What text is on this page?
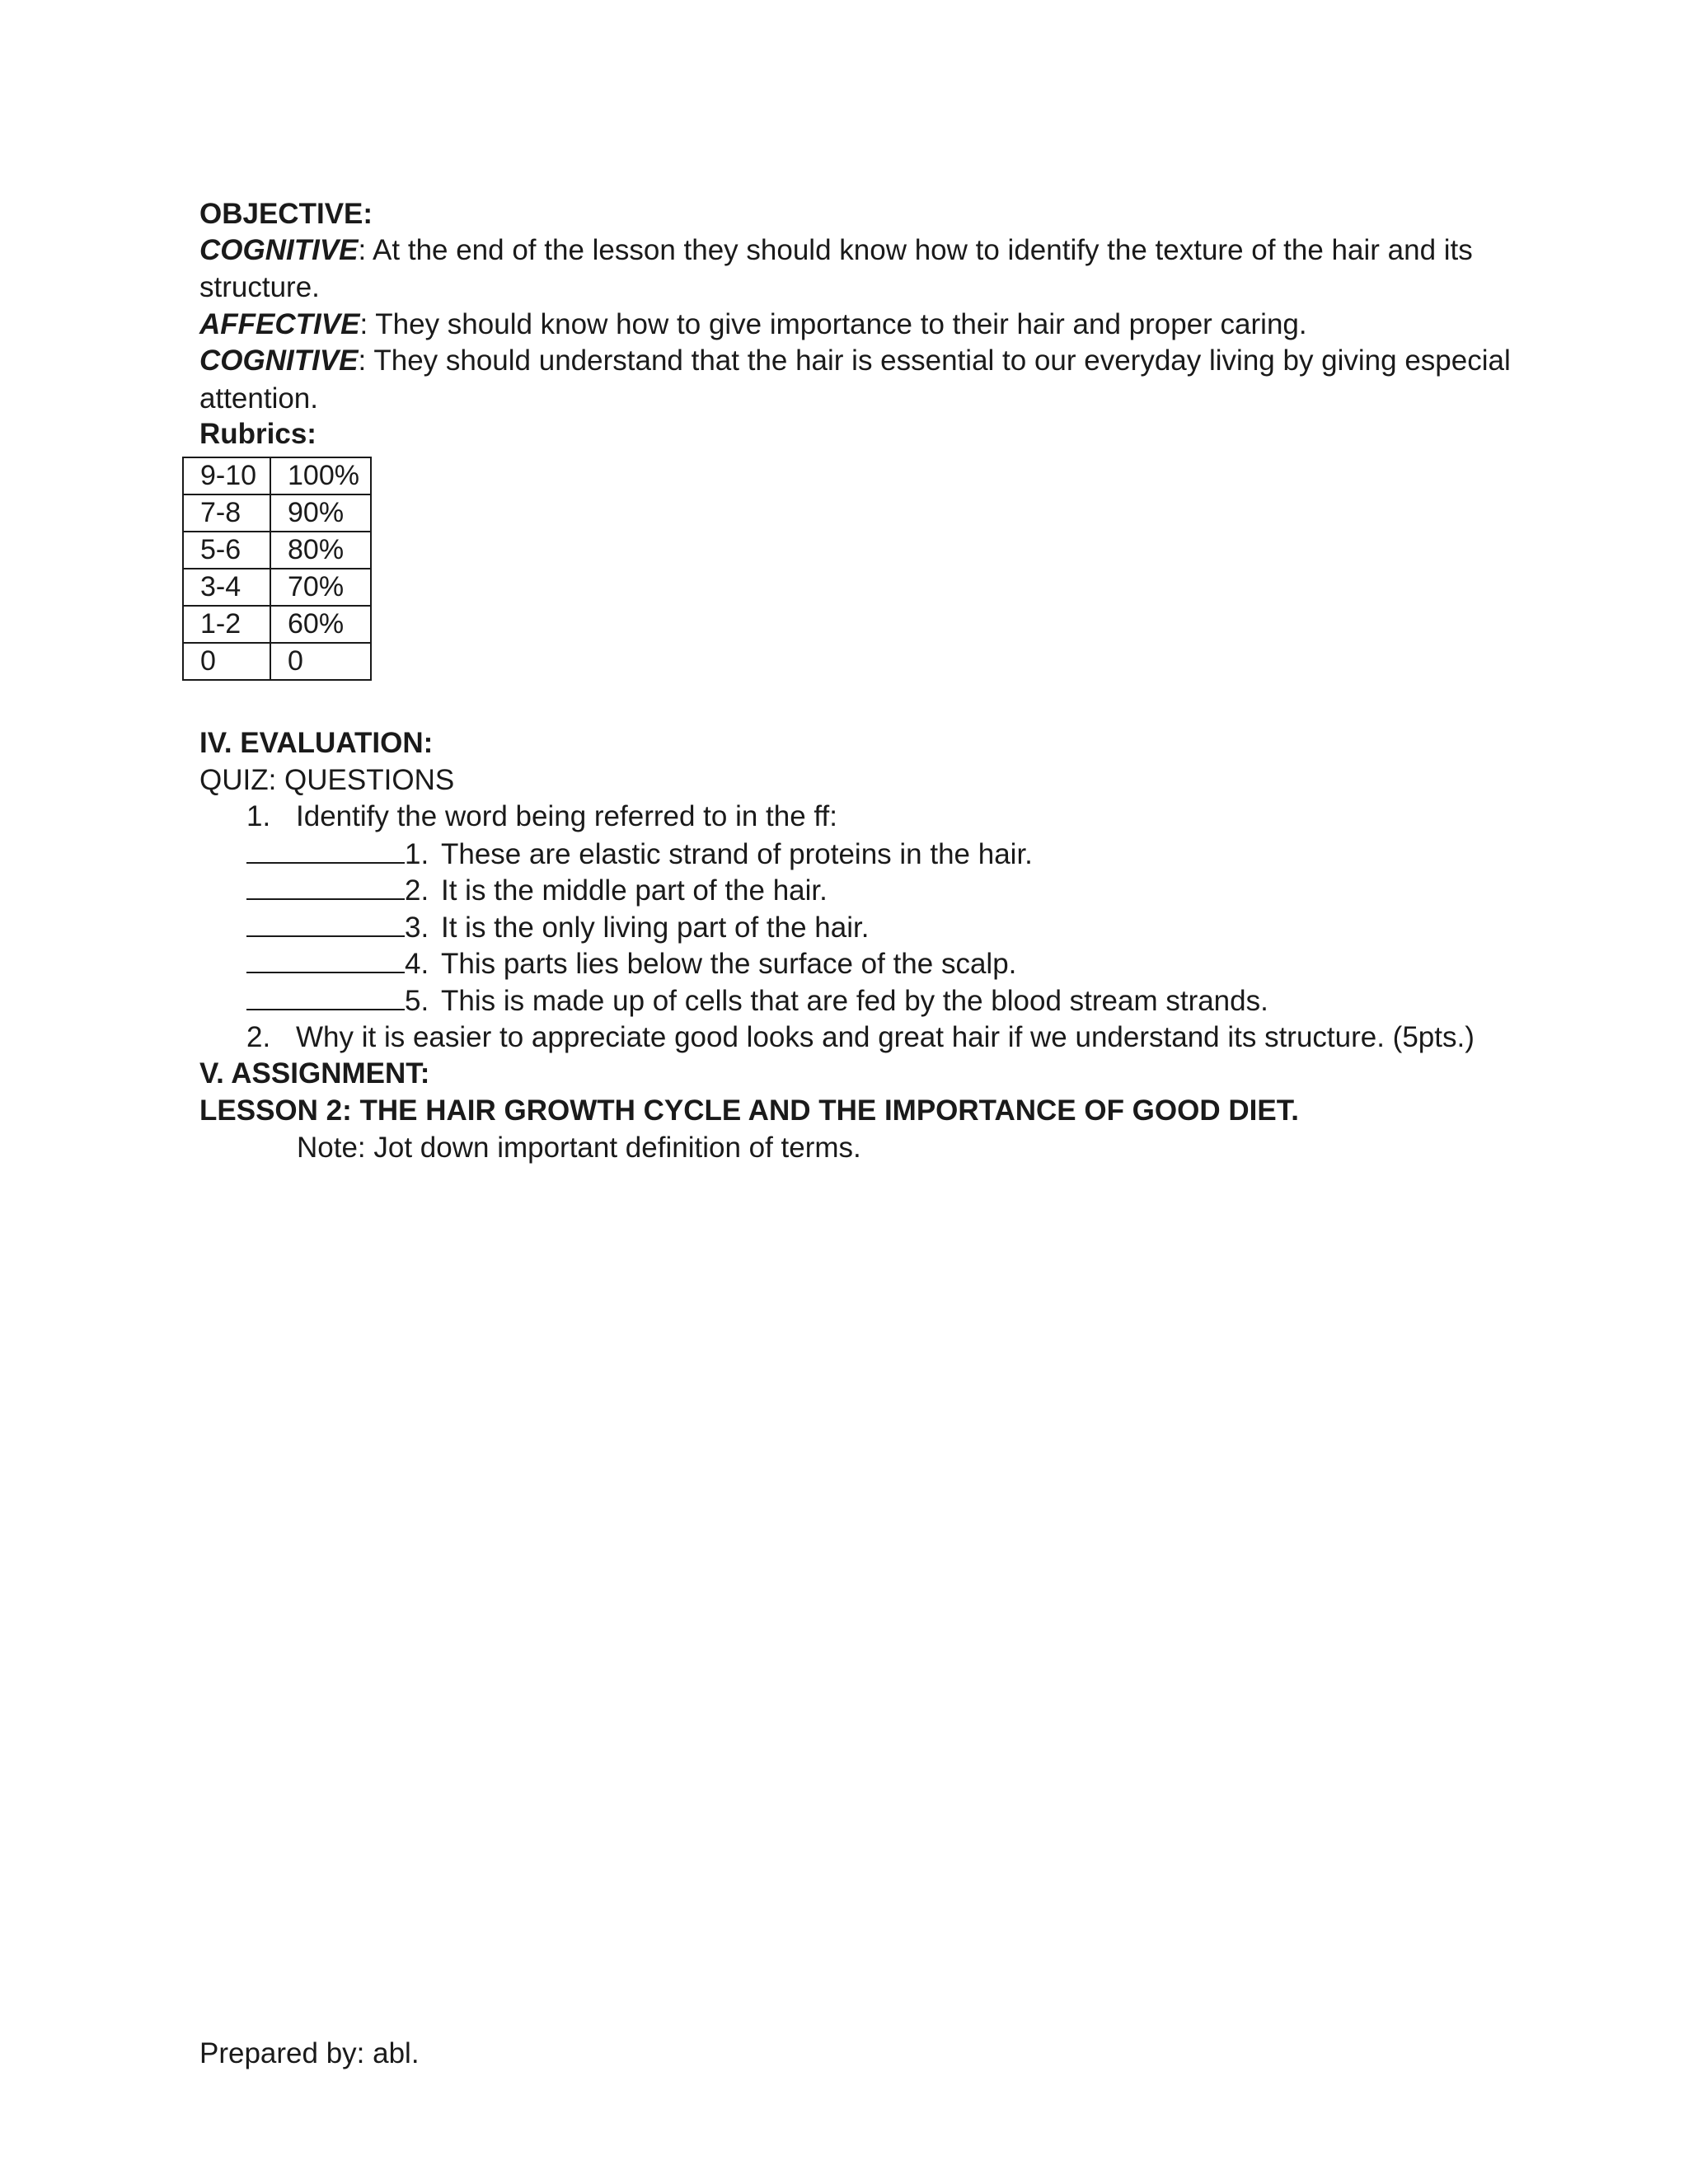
OBJECTIVE:
COGNITIVE: At the end of the lesson they should know how to identify the texture of the hair and its
structure.
AFFECTIVE: They should know how to give importance to their hair and proper caring.
COGNITIVE: They should understand that the hair is essential to our everyday living by giving especial
attention.
Rubrics:
9-10	100%
7-8	90%
5-6	80%
3-4	70%
1-2	60%
0	0
IV. EVALUATION:
QUIZ: QUESTIONS
1. Identify the word being referred to in the ff:
1. These are elastic strand of proteins in the hair.
2. It is the middle part of the hair.
3. It is the only living part of the hair.
4. This parts lies below the surface of the scalp.
5. This is made up of cells that are fed by the blood stream strands.
2. Why it is easier to appreciate good looks and great hair if we understand its structure. (5pts.)
V. ASSIGNMENT:
LESSON 2: THE HAIR GROWTH CYCLE AND THE IMPORTANCE OF GOOD DIET.
Note: Jot down important definition of terms.
Prepared by: abl.
